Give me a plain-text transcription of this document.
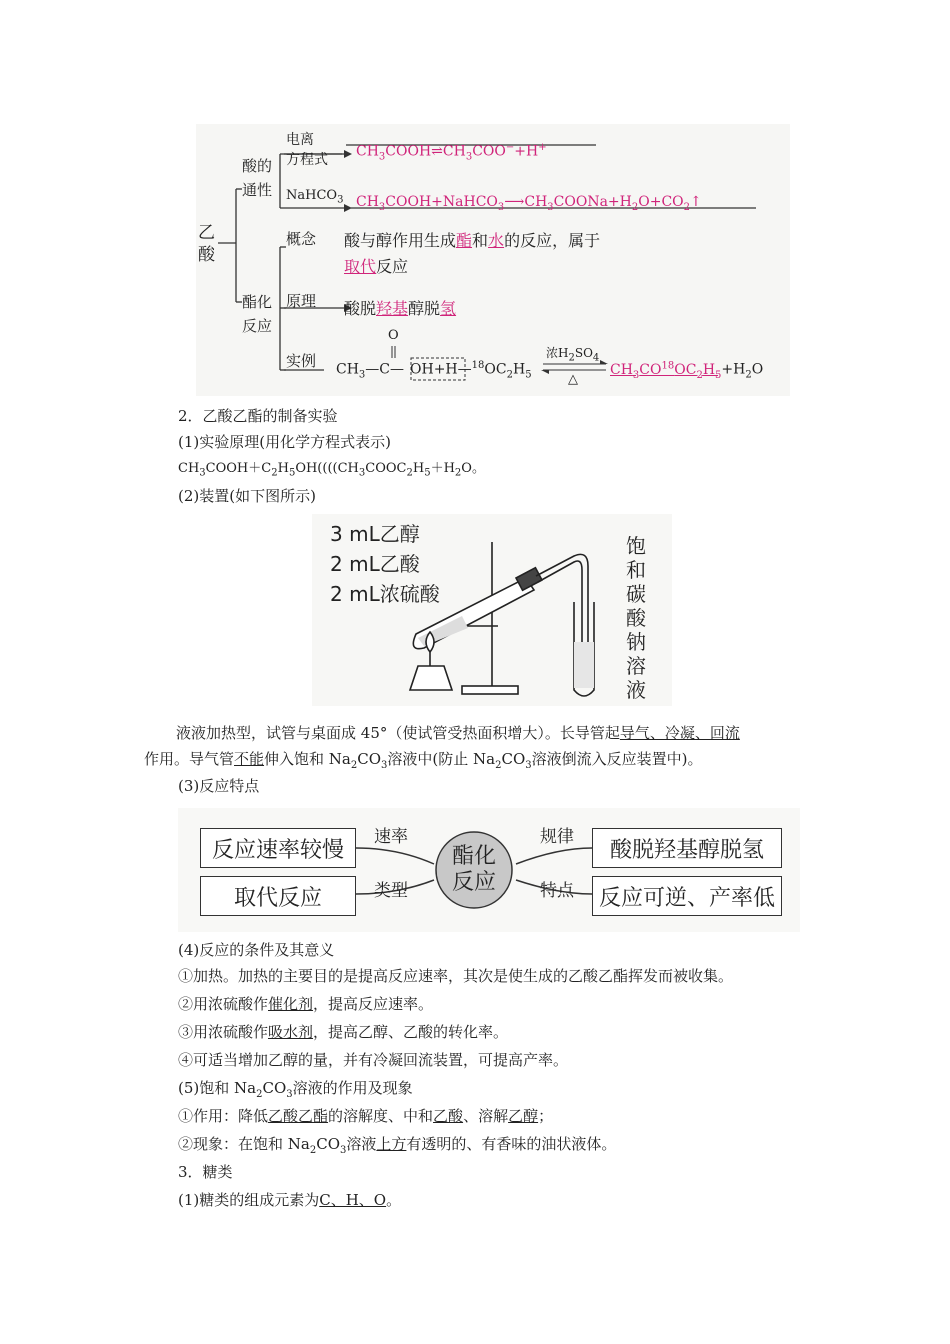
乙
酸
酸的
通性
电离
方程式
$CH_3COOH\rightleftharpoons CH_3COO^-+H^+$
NaHCO$_3$ $CH_3COOH+NaHCO_3⟶CH_3COONa+H_2O+CO_2↑$
酯化
反应
概念 酸与醇作用生成酯和水的反应，属于
取代反应
原理 酸脱羟基醇脱氢
实例
O
$CH_3—C—$ $OH+H—^{18}OC_2H_5$
浓$H_2SO_4$
△
$CH_3CO^{18}OC_2H_5+H_2O$
2．乙酸乙酯的制备实验
(1)实验原理(用化学方程式表示)
$CH_3COOH+C_2H_5OH((((CH_3COOC_2H_5+H_2O$。
(2)装置(如下图所示)
3 mL乙醇
2 mL乙酸
2 mL浓硫酸
饱
和
碳
酸
钠
溶
液
液液加热型，试管与桌面成 45°（使试管受热面积增大）。长导管起导气、冷凝、回流
作用。导气管不能伸入饱和 $Na_2CO_3$溶液中(防止 $Na_2CO_3$溶液倒流入反应装置中)。
(3)反应特点
酯化
反应
反应速率较慢
取代反应
酸脱羟基醇脱氢
反应可逆、产率低
速率
类型
规律
特点
(4)反应的条件及其意义
①加热。加热的主要目的是提高反应速率，其次是使生成的乙酸乙酯挥发而被收集。
②用浓硫酸作催化剂，提高反应速率。
③用浓硫酸作吸水剂，提高乙醇、乙酸的转化率。
④可适当增加乙醇的量，并有冷凝回流装置，可提高产率。
(5)饱和 $Na_2CO_3$溶液的作用及现象
①作用：降低乙酸乙酯的溶解度、中和乙酸、溶解乙醇；
②现象：在饱和 $Na_2CO_3$溶液上方有透明的、有香味的油状液体。
3．糖类
(1)糖类的组成元素为C、H、O。
